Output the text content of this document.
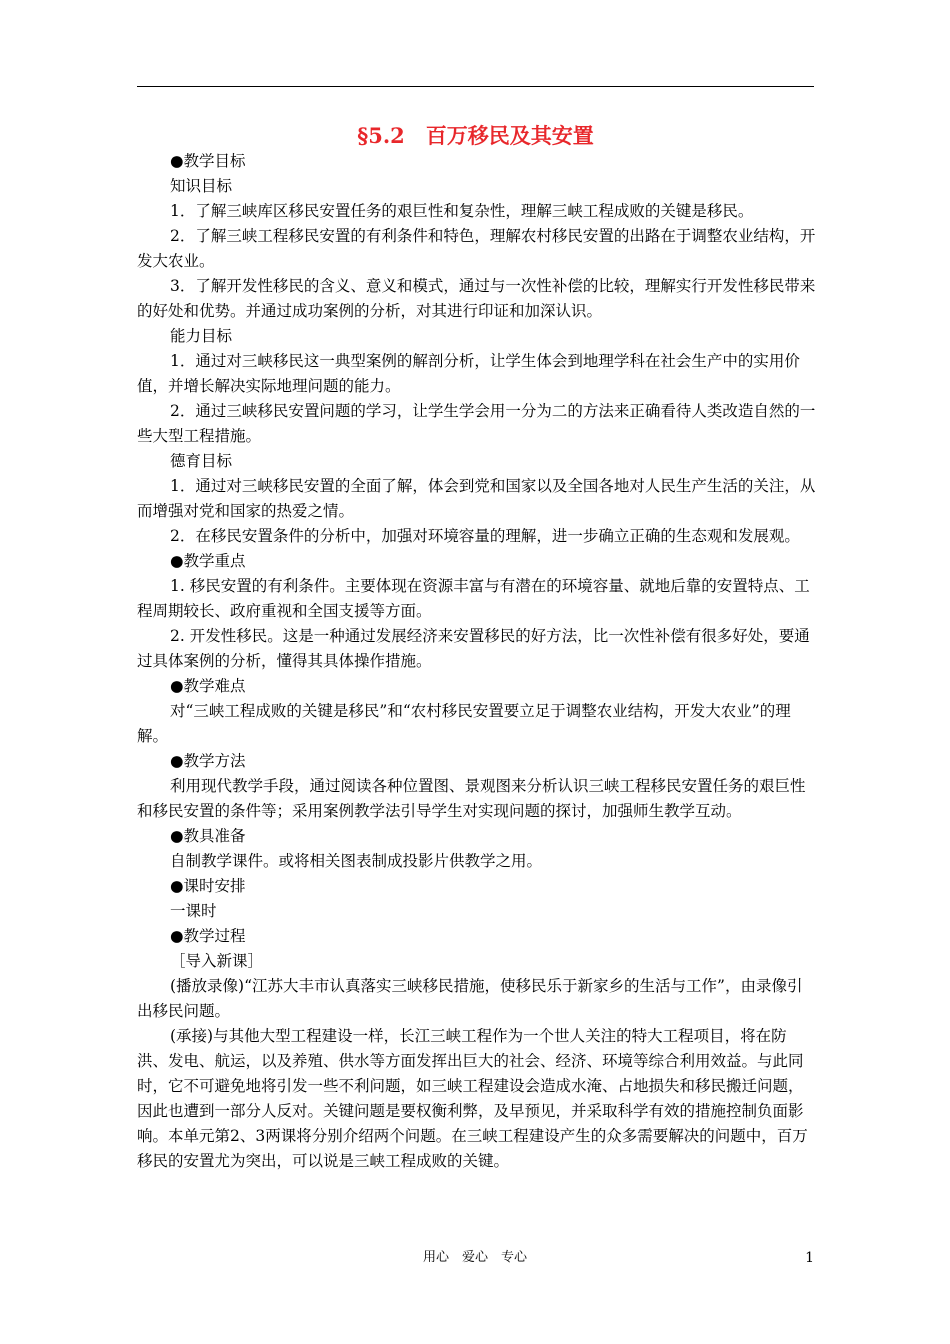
§5.2　百万移民及其安置

●教学目标

知识目标

1．了解三峡库区移民安置任务的艰巨性和复杂性，理解三峡工程成败的关键是移民。

2．了解三峡工程移民安置的有利条件和特色，理解农村移民安置的出路在于调整农业结构，开发大农业。

3．了解开发性移民的含义、意义和模式，通过与一次性补偿的比较，理解实行开发性移民带来的好处和优势。并通过成功案例的分析，对其进行印证和加深认识。

能力目标

1．通过对三峡移民这一典型案例的解剖分析，让学生体会到地理学科在社会生产中的实用价值，并增长解决实际地理问题的能力。

2．通过三峡移民安置问题的学习，让学生学会用一分为二的方法来正确看待人类改造自然的一些大型工程措施。

德育目标

1．通过对三峡移民安置的全面了解，体会到党和国家以及全国各地对人民生产生活的关注，从而增强对党和国家的热爱之情。

2．在移民安置条件的分析中，加强对环境容量的理解，进一步确立正确的生态观和发展观。

●教学重点

1. 移民安置的有利条件。主要体现在资源丰富与有潜在的环境容量、就地后靠的安置特点、工程周期较长、政府重视和全国支援等方面。

2. 开发性移民。这是一种通过发展经济来安置移民的好方法，比一次性补偿有很多好处，要通过具体案例的分析，懂得其具体操作措施。

●教学难点

对“三峡工程成败的关键是移民”和“农村移民安置要立足于调整农业结构，开发大农业”的理解。

●教学方法

利用现代教学手段，通过阅读各种位置图、景观图来分析认识三峡工程移民安置任务的艰巨性和移民安置的条件等；采用案例教学法引导学生对实现问题的探讨，加强师生教学互动。

●教具准备

自制教学课件。或将相关图表制成投影片供教学之用。

●课时安排

一课时

●教学过程

［导入新课］

(播放录像)“江苏大丰市认真落实三峡移民措施，使移民乐于新家乡的生活与工作”，由录像引出移民问题。

(承接)与其他大型工程建设一样，长江三峡工程作为一个世人关注的特大工程项目，将在防洪、发电、航运，以及养殖、供水等方面发挥出巨大的社会、经济、环境等综合利用效益。与此同时，它不可避免地将引发一些不利问题，如三峡工程建设会造成水淹、占地损失和移民搬迁问题，因此也遭到一部分人反对。关键问题是要权衡利弊，及早预见，并采取科学有效的措施控制负面影响。本单元第2、3两课将分别介绍两个问题。在三峡工程建设产生的众多需要解决的问题中，百万移民的安置尤为突出，可以说是三峡工程成败的关键。

用心　爱心　专心	1
